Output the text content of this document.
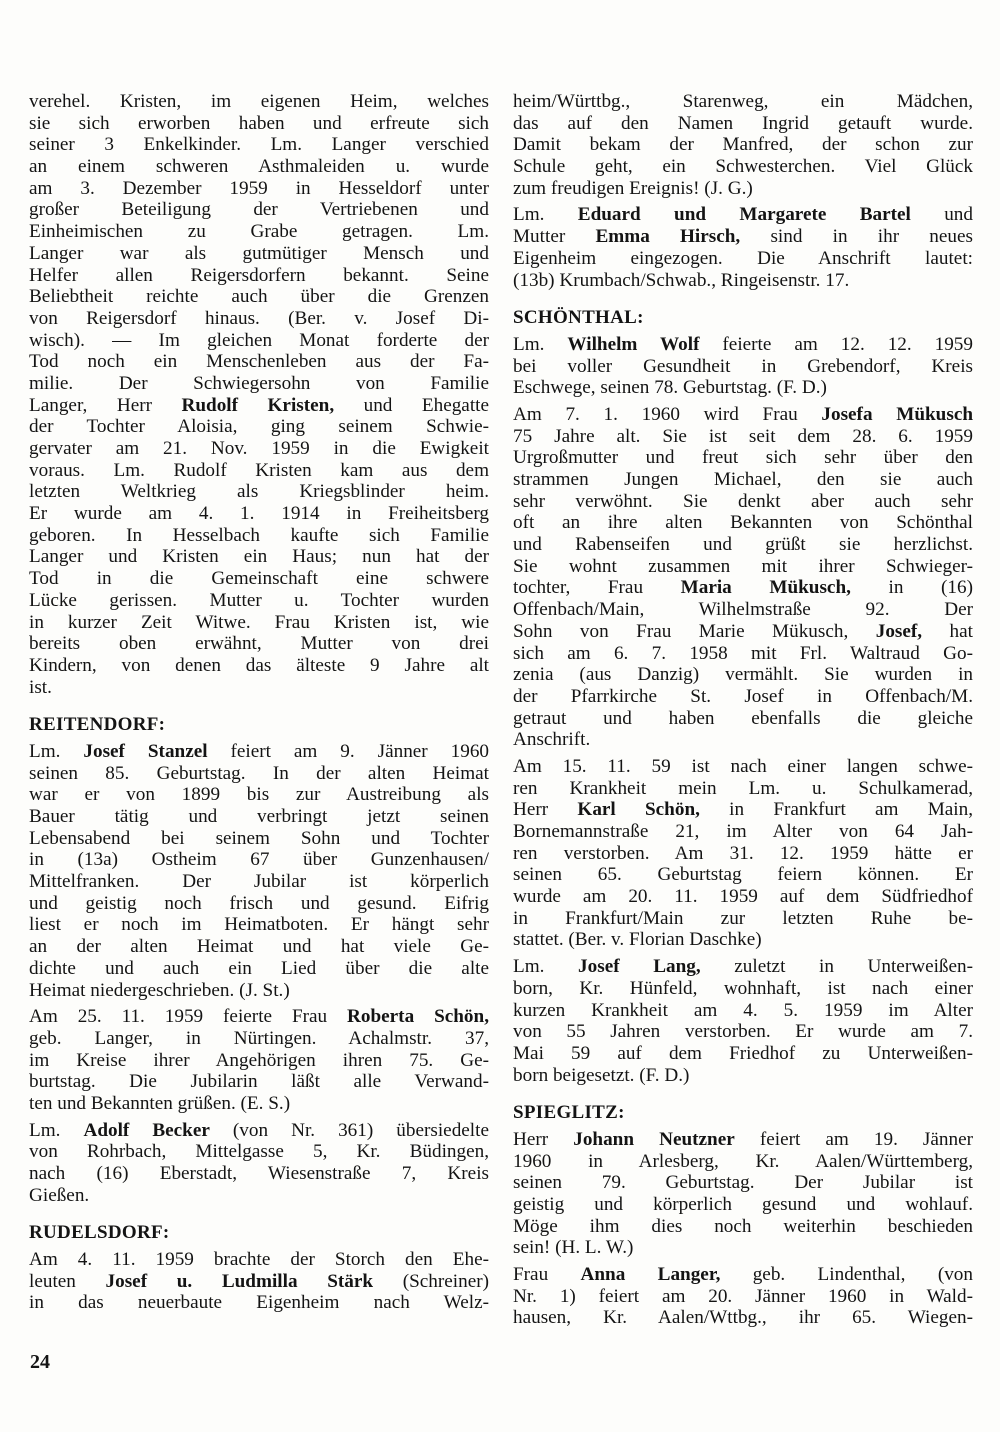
verehel. Kristen, im eigenen Heim, welches
sie sich erworben haben und erfreute sich
seiner 3 Enkelkinder. Lm. Langer verschied
an einem schweren Asthmaleiden u. wurde
am 3. Dezember 1959 in Hesseldorf unter
großer Beteiligung der Vertriebenen und
Einheimischen zu Grabe getragen. Lm.
Langer war als gutmütiger Mensch und
Helfer allen Reigersdorfern bekannt. Seine
Beliebtheit reichte auch über die Grenzen
von Reigersdorf hinaus. (Ber. v. Josef Di-
wisch). — Im gleichen Monat forderte der
Tod noch ein Menschenleben aus der Fa-
milie. Der Schwiegersohn von Familie
Langer, Herr Rudolf Kristen, und Ehegatte
der Tochter Aloisia, ging seinem Schwie-
gervater am 21. Nov. 1959 in die Ewigkeit
voraus. Lm. Rudolf Kristen kam aus dem
letzten Weltkrieg als Kriegsblinder heim.
Er wurde am 4. 1. 1914 in Freiheitsberg
geboren. In Hesselbach kaufte sich Familie
Langer und Kristen ein Haus; nun hat der
Tod in die Gemeinschaft eine schwere
Lücke gerissen. Mutter u. Tochter wurden
in kurzer Zeit Witwe. Frau Kristen ist, wie
bereits oben erwähnt, Mutter von drei
Kindern, von denen das älteste 9 Jahre alt
ist.
REITENDORF:
Lm. Josef Stanzel feiert am 9. Jänner 1960
seinen 85. Geburtstag. In der alten Heimat
war er von 1899 bis zur Austreibung als
Bauer tätig und verbringt jetzt seinen
Lebensabend bei seinem Sohn und Tochter
in (13a) Ostheim 67 über Gunzenhausen/
Mittelfranken. Der Jubilar ist körperlich
und geistig noch frisch und gesund. Eifrig
liest er noch im Heimatboten. Er hängt sehr
an der alten Heimat und hat viele Ge-
dichte und auch ein Lied über die alte
Heimat niedergeschrieben. (J. St.)
Am 25. 11. 1959 feierte Frau Roberta Schön,
geb. Langer, in Nürtingen. Achalmstr. 37,
im Kreise ihrer Angehörigen ihren 75. Ge-
burtstag. Die Jubilarin läßt alle Verwand-
ten und Bekannten grüßen. (E. S.)
Lm. Adolf Becker (von Nr. 361) übersiedelte
von Rohrbach, Mittelgasse 5, Kr. Büdingen,
nach (16) Eberstadt, Wiesenstraße 7, Kreis
Gießen.
RUDELSDORF:
Am 4. 11. 1959 brachte der Storch den Ehe-
leuten Josef u. Ludmilla Stärk (Schreiner)
in das neuerbaute Eigenheim nach Welz-
heim/Württbg., Starenweg, ein Mädchen,
das auf den Namen Ingrid getauft wurde.
Damit bekam der Manfred, der schon zur
Schule geht, ein Schwesterchen. Viel Glück
zum freudigen Ereignis! (J. G.)
Lm. Eduard und Margarete Bartel und
Mutter Emma Hirsch, sind in ihr neues
Eigenheim eingezogen. Die Anschrift lautet:
(13b) Krumbach/Schwab., Ringeisenstr. 17.
SCHÖNTHAL:
Lm. Wilhelm Wolf feierte am 12. 12. 1959
bei voller Gesundheit in Grebendorf, Kreis
Eschwege, seinen 78. Geburtstag. (F. D.)
Am 7. 1. 1960 wird Frau Josefa Mükusch
75 Jahre alt. Sie ist seit dem 28. 6. 1959
Urgroßmutter und freut sich sehr über den
strammen Jungen Michael, den sie auch
sehr verwöhnt. Sie denkt aber auch sehr
oft an ihre alten Bekannten von Schönthal
und Rabenseifen und grüßt sie herzlichst.
Sie wohnt zusammen mit ihrer Schwieger-
tochter, Frau Maria Mükusch, in (16)
Offenbach/Main, Wilhelmstraße 92. Der
Sohn von Frau Marie Mükusch, Josef, hat
sich am 6. 7. 1958 mit Frl. Waltraud Go-
zenia (aus Danzig) vermählt. Sie wurden in
der Pfarrkirche St. Josef in Offenbach/M.
getraut und haben ebenfalls die gleiche
Anschrift.
Am 15. 11. 59 ist nach einer langen schwe-
ren Krankheit mein Lm. u. Schulkamerad,
Herr Karl Schön, in Frankfurt am Main,
Bornemannstraße 21, im Alter von 64 Jah-
ren verstorben. Am 31. 12. 1959 hätte er
seinen 65. Geburtstag feiern können. Er
wurde am 20. 11. 1959 auf dem Südfriedhof
in Frankfurt/Main zur letzten Ruhe be-
stattet. (Ber. v. Florian Daschke)
Lm. Josef Lang, zuletzt in Unterweißen-
born, Kr. Hünfeld, wohnhaft, ist nach einer
kurzen Krankheit am 4. 5. 1959 im Alter
von 55 Jahren verstorben. Er wurde am 7.
Mai 59 auf dem Friedhof zu Unterweißen-
born beigesetzt. (F. D.)
SPIEGLITZ:
Herr Johann Neutzner feiert am 19. Jänner
1960 in Arlesberg, Kr. Aalen/Württemberg,
seinen 79. Geburtstag. Der Jubilar ist
geistig und körperlich gesund und wohlauf.
Möge ihm dies noch weiterhin beschieden
sein! (H. L. W.)
Frau Anna Langer, geb. Lindenthal, (von
Nr. 1) feiert am 20. Jänner 1960 in Wald-
hausen, Kr. Aalen/Wttbg., ihr 65. Wiegen-
24
